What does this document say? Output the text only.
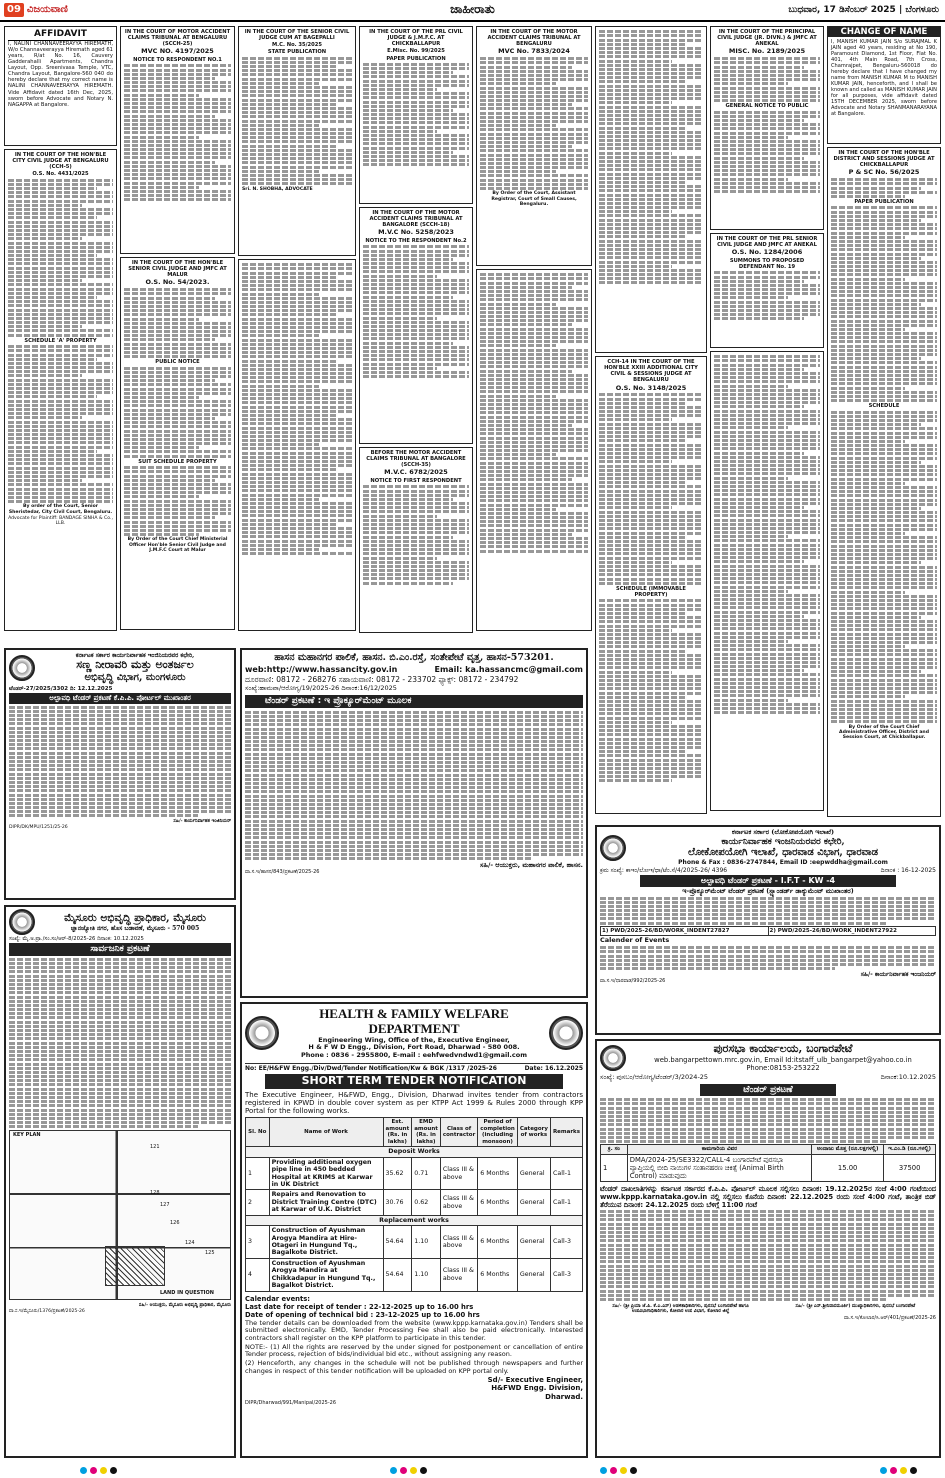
09 ವಿಜಯವಾಣಿ	ಜಾಹೀರಾತು	ಬುಧವಾರ, 17 ಡಿಸೆಂಬರ್ 2025 | ಬೆಂಗಳೂರು
AFFIDAVIT

I, NALINI CHANNAVEERAYYA HIREMATH, W/o Channaveerayya Hiremath aged 61 years, R/at No. 16, Cauvery Gadderahalli Apartments, Chandra Layout, Opp. Sreenivasa Temple, VTC, Chandra Layout, Bangalore-560 040 do hereby declare that my correct name is NALINI CHANNAVEERAYYA HIREMATH. Vide Affidavit dated 16th Dec, 2025, sworn before Advocate and Notary N. NAGAPPA at Bangalore.

IN THE COURT OF THE HON'BLE CITY CIVIL JUDGE AT BENGALURU (CCH-5)
O.S. No. 4431/2025
SCHEDULE 'A' PROPERTY

By order of the Court, Senior Sheristedar, City Civil Court, Bengaluru.

Advocate for Plaintiff: BANDAGE SINHA & Co., LLB.

IN THE COURT OF MOTOR ACCIDENT CLAIMS TRIBUNAL AT BENGALURU (SCCH-25)
MVC NO. 4197/2025
NOTICE TO RESPONDENT NO.1
IN THE COURT OF THE HON'BLE SENIOR CIVIL JUDGE AND JMFC AT MALUR
O.S. No. 54/2023.
PUBLIC NOTICE
SUIT SCHEDULE PROPERTY

By Order of the Court Chief Ministerial Officer Hon'ble Senior Civil Judge and J.M.F.C Court at Malur

IN THE COURT OF THE SENIOR CIVIL JUDGE CUM AT BAGEPALLI
M.C. No. 35/2025
STATE PUBLICATION

Sri. N. SHOBHA, ADVOCATE

IN THE COURT OF THE PRL CIVIL JUDGE & J.M.F.C. AT CHICKBALLAPUR
E.Misc. No. 99/2025
PAPER PUBLICATION
IN THE COURT OF THE MOTOR ACCIDENT CLAIMS TRIBUNAL AT BANGALORE (SCCH-18)
M.V.C No. 5258/2023
NOTICE TO THE RESPONDENT No.2
BEFORE THE MOTOR ACCIDENT CLAIMS TRIBUNAL AT BANGALORE (SCCH-35)
M.V.C. 6782/2025
NOTICE TO FIRST RESPONDENT
IN THE COURT OF THE MOTOR ACCIDENT CLAIMS TRIBUNAL AT BENGALURU
MVC No. 7833/2024

By Order of the Court, Assistant Registrar, Court of Small Causes, Bengaluru.

CCH-14 IN THE COURT OF THE HON'BLE XXIII ADDITIONAL CITY CIVIL & SESSIONS JUDGE AT BENGALURU
O.S. No. 3148/2025
SCHEDULE (IMMOVABLE PROPERTY)
IN THE COURT OF THE PRINCIPAL CIVIL JUDGE (JR. DIVN.) & JMFC AT ANEKAL
MISC. No. 2189/2025
GENERAL NOTICE TO PUBLIC
IN THE COURT OF THE PRL SENIOR CIVIL JUDGE AND JMFC AT ANEKAL
O.S. No. 1284/2006
SUMMONS TO PROPOSED DEFENDANT No. 19
CHANGE OF NAME

I, MANISH KUMAR JAIN S/o SURAJMAL K JAIN aged 40 years, residing at No 190, Paramount Diamond, 1st Floor, Flat No. 401, 4th Main Road, 7th Cross, Chamrajpet, Bengaluru-560018 do hereby declare that I have changed my name from MANISH KUMAR M to MANISH KUMAR JAIN, henceforth, and I shall be known and called as MANISH KUMAR JAIN for all purposes, vide affidavit dated 15TH DECEMBER 2025, sworn before Advocate and Notary SHANMANARAYANA at Bangalore.

IN THE COURT OF THE HON'BLE DISTRICT AND SESSIONS JUDGE AT CHICKBALLAPUR
P & SC No. 56/2025
PAPER PUBLICATION
SCHEDULE

By Order of the Court Chief Administrative Officer, District and Session Court, at Chickballapur.

ಕರ್ನಾಟಕ ಸರ್ಕಾರ ಕಾರ್ಯನಿರ್ವಾಹಕ ಇಂಜಿನಿಯರವರ ಕಛೇರಿ,
ಸಣ್ಣ ನೀರಾವರಿ ಮತ್ತು ಅಂತರ್ಜಲ
ಅಭಿವೃದ್ಧಿ ವಿಭಾಗ, ಮಂಗಳೂರು

ಟೆಂಡರ್-27/2025/3302 ದಿ: 12.12.2025

ಅಲ್ಪಾವಧಿ ಟೆಂಡರ್ ಪ್ರಕಟಣೆ ಕೆ.ಪಿ.ಪಿ. ಪೋರ್ಟಲ್ ಮುಖಾಂತರ

ಸಹಿ/- ಕಾರ್ಯನಿರ್ವಾಹಕ ಇಂಜಿನಿಯರ್

DIPR/DK/MPU/1251/25-26

ಮೈಸೂರು ಅಭಿವೃದ್ಧಿ ಪ್ರಾಧಿಕಾರ, ಮೈಸೂರು
ಜ್ಞಾನಜ್ಯೋತಿ ನಗರ, ಹೊಸ ಬಡಾವಣೆ, ಮೈಸೂರು - 570 005

ಸಂಖ್ಯೆ: ಮೈ.ಅ.ಪ್ರಾ./ಸಂ.ಸಂ/ಆರ್-8/2025-26 ದಿನಾಂಕ: 10.12.2025

ಸಾರ್ವಜನಿಕ ಪ್ರಕಟಣೆ
KEY PLAN
121
128
127
126
124
125
LAND IN QUESTION

ಸಹಿ/- ಆಯುಕ್ತರು, ಮೈಸೂರು ಅಭಿವೃದ್ಧಿ ಪ್ರಾಧಿಕಾರ, ಮೈಸೂರು

ವಾ.ಸ.ಇ/ಮೈಸೂರು/1376/ಪ್ರಕಟಣೆ/2025-26

ಹಾಸನ ಮಹಾನಗರ ಪಾಲಿಕೆ, ಹಾಸನ. ಬಿ.ಎಂ.ರಸ್ತೆ, ಸಂತೇಪೇಟೆ ವೃತ್ತ, ಹಾಸನ-573201.
web:http://www.hassancity.gov.in	Email: ka.hassancmc@gmail.com
ದೂರವಾಣಿ: 08172 - 268276 ಸಹಾಯವಾಣಿ: 08172 - 233702 ಫ್ಯಾಕ್ಸ್: 08172 - 234792
ಸಂಖ್ಯೆ:ಹಾಮಪಾ/ಆರೋಗ್ಯ/19/2025-26 ದಿನಾಂಕ:16/12/2025
ಟೆಂಡರ್ ಪ್ರಕಟಣೆ : ಇ ಪ್ರೊಕ್ಯೂರ್‌ಮೆಂಟ್ ಮೂಲಕ

ಸಹಿ/- ಆಯುಕ್ತರು, ಮಹಾನಗರ ಪಾಲಿಕೆ, ಹಾಸನ.

ವಾ.ಸ.ಇ/ಹಾಸನ/843/ಪ್ರಕಟಣೆ/2025-26

HEALTH & FAMILY WELFARE DEPARTMENT
Engineering Wing, Office of the, Executive Engineer,
H & F W D Engg., Division, Fort Road, Dharwad - 580 008.
Phone : 0836 - 2955800, E-mail : eehfwedvndwd1@gmail.com
No: EE/H&FW Engg./Div/Dwd/Tender Notification/Kw & BGK /1317 /2025-26	Date: 16.12.2025
SHORT TERM TENDER NOTIFICATION

The Executive Engineer, H&FWD, Engg., Division, Dharwad invites tender from contractors registered in KPWD in double cover system as per KTPP Act 1999 & Rules 2000 through KPP Portal for the following works.

Sl. No	Name of Work	Est. amount (Rs. in lakhs)	EMD amount (Rs. in lakhs)	Class of contractor	Period of completion (including monsoon)	Category of works	Remarks
Deposit Works							
1	Providing additional oxygen pipe line in 450 bedded Hospital at KRIMS at Karwar in UK District	35.62	0.71	Class III & above	6 Months	General	Call-1
2	Repairs and Renovation to District Training Centre (DTC) at Karwar of U.K. District	30.76	0.62	Class III & above	6 Months	General	Call-1
Replacement works							
3	Construction of Ayushman Arogya Mandira at Hire-Otageri in Hungund Tq., Bagalkote District.	54.64	1.10	Class III & above	6 Months	General	Call-3
4	Construction of Ayushman Arogya Mandira at Chikkadapur in Hungund Tq., Bagalkot District.	54.64	1.10	Class III & above	6 Months	General	Call-3
Calendar events:
Last date for receipt of tender : 22-12-2025 up to 16.00 hrs
Date of opening of technical bid : 23-12-2025 up to 16.00 hrs

The tender details can be downloaded from the website (www.kppp.karnataka.gov.in) Tenders shall be submitted electronically. EMD, Tender Processing Fee shall also be paid electronically. Interested contractors shall register on the KPP platform to participate in this tender.

NOTE:- (1) All the rights are reserved by the under signed for postponement or cancellation of entire Tender process, rejection of bids/individual bid etc., without assigning any reason.

(2) Henceforth, any changes in the schedule will not be published through newspapers and further changes in respect of this tender notification will be uploaded on KPP portal only.

Sd/- Executive Engineer,
H&FWD Engg. Division,
Dharwad.
DIPR/Dharwad/991/Manipal/2025-26
ಕರ್ನಾಟಕ ಸರ್ಕಾರ (ಲೋಕೋಪಯೋಗಿ ಇಲಾಖೆ)
ಕಾರ್ಯನಿರ್ವಾಹಕ ಇಂಜನಿಯರವರ ಕಛೇರಿ,
ಲೋಕೋಪಯೋಗಿ ಇಲಾಖೆ, ಧಾರವಾಡ ವಿಭಾಗ, ಧಾರವಾಡ
Phone & Fax : 0836-2747844, Email ID :eepwddha@gmail.com
ಕ್ರಮ ಸಂಖ್ಯೆ: ಕಾಇಂ/ಲೋಇ/ಧಾ/ಟೆಂ.ಸೆ/4/2025-26/ 4396	ದಿನಾಂಕ : 16-12-2025
ಅಲ್ಪಾವಧಿ ಟೆಂಡರ್ ಪ್ರಕಟಣೆ - I.F.T - KW -4
ಇ-ಪ್ರೊಕ್ಯೂರ್‌ಮೆಂಟ್ ಟೆಂಡರ್ ಪ್ರಕಟಣೆ (ಸ್ಟ್ಯಾಂಡರ್ಡ್ ಡಾಕ್ಯುಮೆಂಟ್ ಮುಖಾಂತರ)
1) PWD/2025-26/BD/WORK_INDENT27827	2) PWD/2025-26/BD/WORK_INDENT27922
Calender of Events

ಸಹಿ/- ಕಾರ್ಯನಿರ್ವಾಹಕ ಇಂಜನಿಯರ್

ವಾ.ಸ.ಇ/ಧಾರವಾಡ/992/2025-26

ಪುರಸಭಾ ಕಾರ್ಯಾಲಯ, ಬಂಗಾರಪೇಟೆ
web.bangarpettown.mrc.gov.in, Email Id:itstaff_ulb_bangarpet@yahoo.co.in
Phone:08153-253222
ಸಂಖ್ಯೆ: ಪುಸಬಂ/ಆರೋಗ್ಯ/ಟೆಂಡರ್/3/2024-25	ದಿನಾಂಕ:10.12.2025
ಟೆಂಡರ್ ಪ್ರಕಟಣೆ
ಕ್ರ. ಸಂ	ಕಾಮಗಾರಿಯ ವಿವರ	ಅಂದಾಜು ಮೊತ್ತ (ರೂ.ಲಕ್ಷಗಳಲ್ಲಿ)	ಇ.ಎಂ.ಡಿ (ರೂ.ಗಳಲ್ಲಿ)
1	DMA/2024-25/SE3322/CALL-4 ಬಂಗಾರಪೇಟೆ ಪುರಸಭಾ ವ್ಯಾಪ್ತಿಯಲ್ಲಿ ಬೀದಿ ನಾಯಿಗಳ ಸಂತಾನಹರಣ ಚಿಕಿತ್ಸೆ (Animal Birth Control) ಮಾಡುವುದು	15.00	37500

ಟೆಂಡರ್ ದಾಖಲಾತಿಗಳನ್ನು ಕರ್ನಾಟಕ ಸರ್ಕಾರದ ಕೆ.ಪಿ.ಪಿ. ಪೋರ್ಟಲ್ ಮೂಲಕ ಸಲ್ಲಿಸಲು ದಿನಾಂಕ: 19.12.2025ರ ಸಂಜೆ 4:00 ಗಂಟೆಯಿಂದ www.kppp.karnataka.gov.in ನಲ್ಲಿ ಸಲ್ಲಿಸಲು ಕೊನೆಯ ದಿನಾಂಕ: 22.12.2025 ರಂದು ಸಂಜೆ 4:00 ಗಂಟೆ, ತಾಂತ್ರಿಕ ಬಿಡ್ ತೆರೆಯುವ ದಿನಾಂಕ: 24.12.2025 ರಂದು ಬೆಳಿಗ್ಗೆ 11:00 ಗಂಟೆ

ಸಹಿ/- (ಶ್ರೀ ಪ್ರಿಯಾ ಜೆ.ಪಿ. ಕೆ.ಎ.ಎಸ್) ಆಡಳಿತಾಧಿಕಾರಿಗಳು, ಪುರಸಭೆ ಬಂಗಾರಪೇಟೆ ಹಾಗೂ ಉಪವಿಭಾಗಾಧಿಕಾರಿಗಳು, ಕೋಲಾರ ಉಪ ವಿಭಾಗ, ಕೋಲಾರ ಜಿಲ್ಲೆ

ಸಹಿ/- (ಶ್ರೀ ಎಸ್.ಶ್ರೀನಿವಾಸಮೂರ್ತಿ) ಮುಖ್ಯಾಧಿಕಾರಿಗಳು, ಪುರಸಭೆ ಬಂಗಾರಪೇಟೆ

ವಾ.ಸ.ಇ/ಕೋಲಾರ/ಸಿ.ಆರ್/401/ಪ್ರಕಟಣೆ/2025-26
